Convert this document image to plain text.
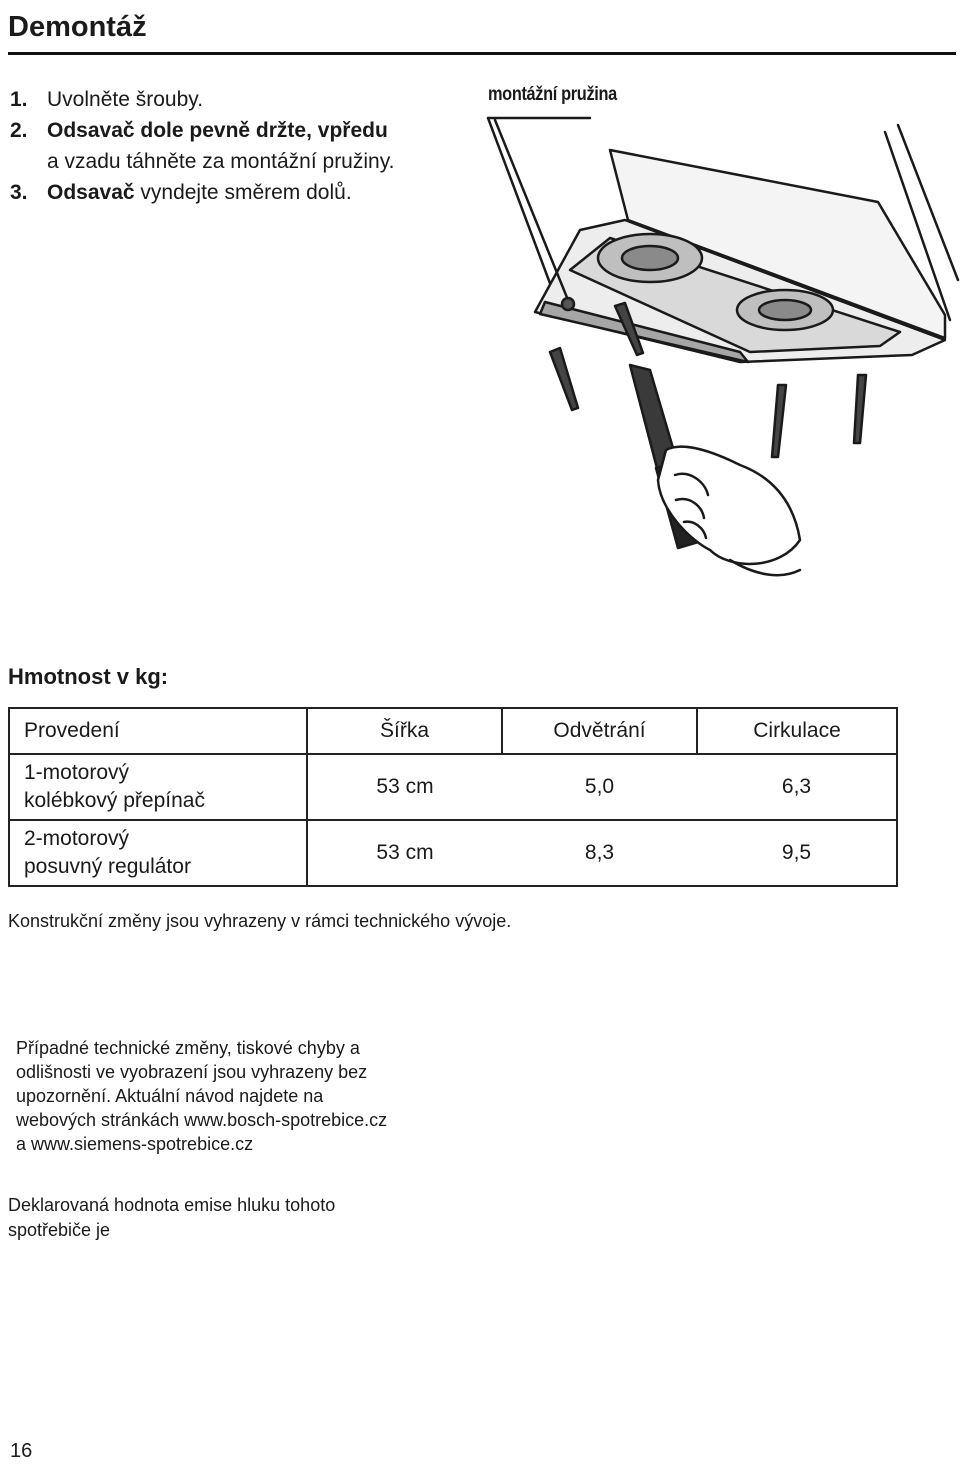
Demontáž
1. Uvolněte šrouby.
2. Odsavač dole pevně držte, vpředu
a vzadu táhněte za montážní pružiny.
3. Odsavač vyndejte směrem dolů.
montážní pružina
Hmotnost v kg:
Provedení	Šířka	Odvětrání	Cirkulace
1-motorový
kolébkový přepínač	53 cm	5,0	6,3
2-motorový
posuvný regulátor	53 cm	8,3	9,5
Konstrukční změny jsou vyhrazeny v rámci technického vývoje.
Případné technické změny, tiskové chyby a
odlišnosti ve vyobrazení jsou vyhrazeny bez
upozornění. Aktuální návod najdete na
webových stránkách www.bosch-spotrebice.cz
a www.siemens-spotrebice.cz
Deklarovaná hodnota emise hluku tohoto
spotřebiče je
16
